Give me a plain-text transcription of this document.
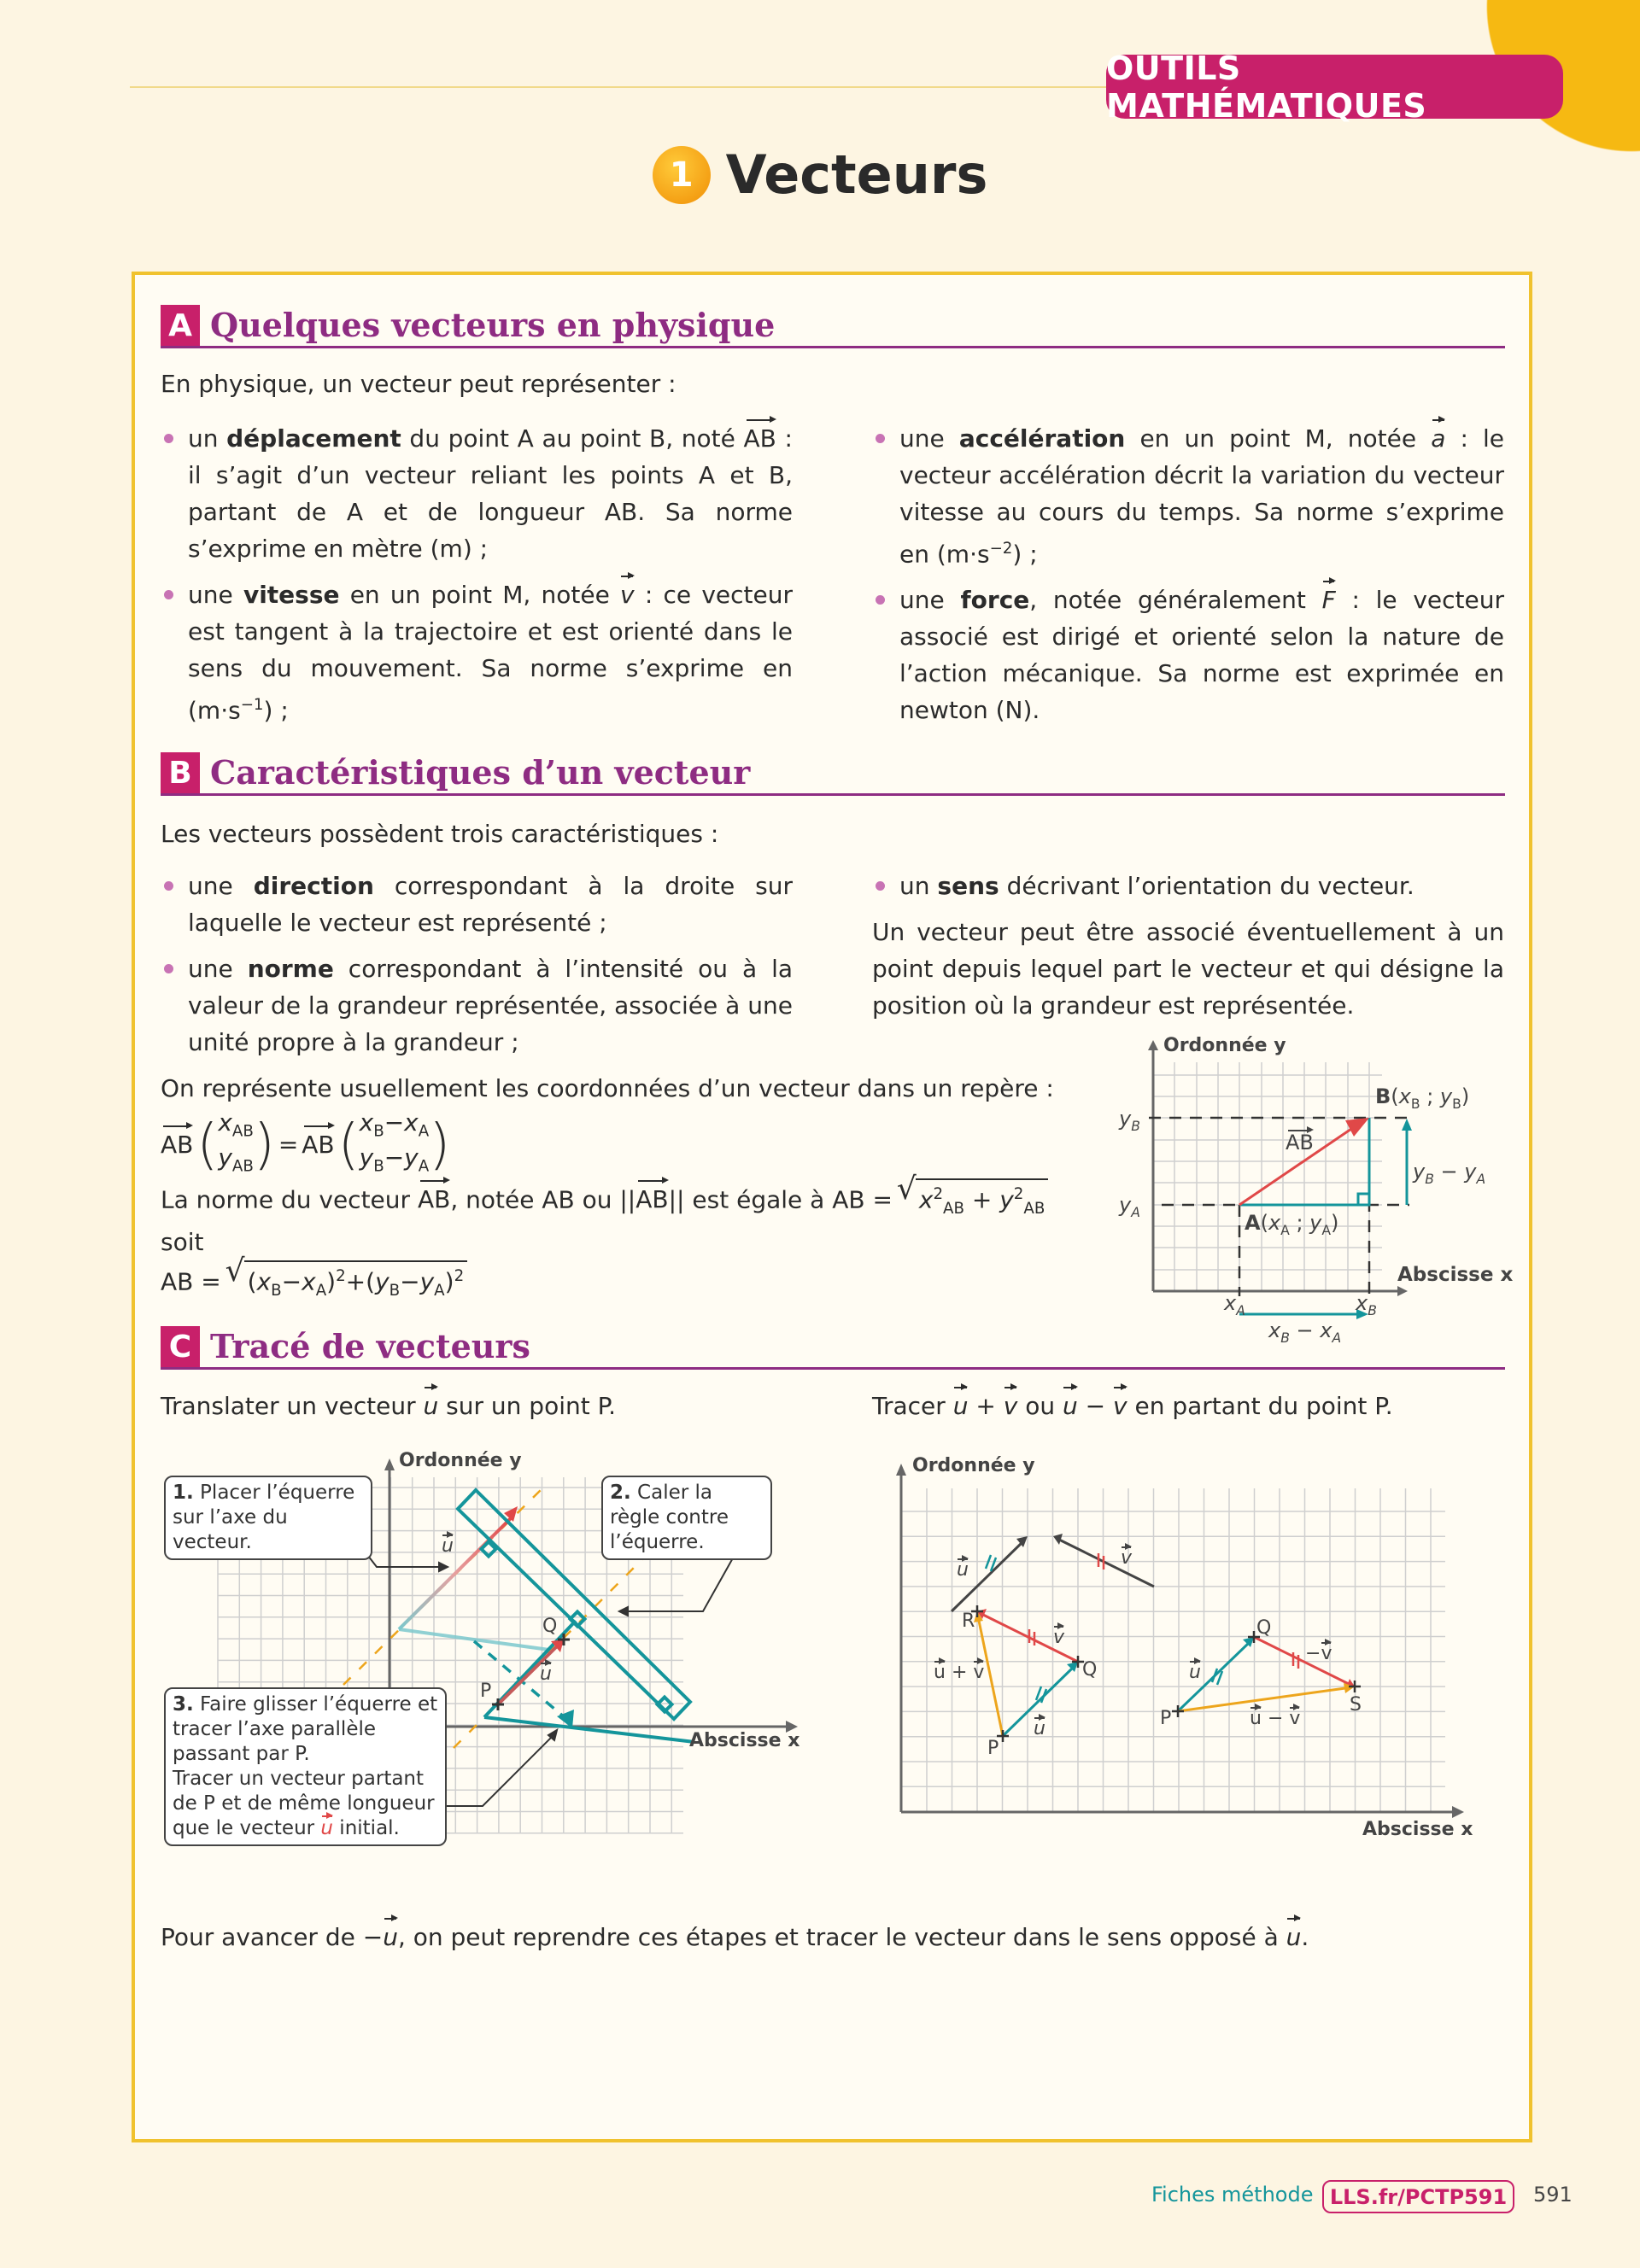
OUTILS MATHÉMATIQUES
1 Vecteurs
A Quelques vecteurs en physique
En physique, un vecteur peut représenter :
un déplacement du point A au point B, noté AB : il s’agit d’un vecteur reliant les points A et B, partant de A et de longueur AB. Sa norme s’exprime en mètre (m) ;
une vitesse en un point M, notée v : ce vecteur est tangent à la trajectoire et est orienté dans le sens du mouvement. Sa norme s’exprime en $(m\cdot s^{-1})$ ;
une accélération en un point M, notée a : le vecteur accélération décrit la variation du vecteur vitesse au cours du temps. Sa norme s’exprime en $(m\cdot s^{-2})$ ;
une force, notée généralement F : le vecteur associé est dirigé et orienté selon la nature de l’action mécanique. Sa norme est exprimée en newton (N).
B Caractéristiques d’un vecteur
Les vecteurs possèdent trois caractéristiques :
une direction correspondant à la droite sur laquelle le vecteur est représenté ;
une norme correspondant à l’intensité ou à la valeur de la grandeur représentée, associée à une unité propre à la grandeur ;
un sens décrivant l’orientation du vecteur.
Un vecteur peut être associé éventuellement à un point depuis lequel part le vecteur et qui désigne la position où la grandeur est représentée.
On représente usuellement les coordonnées d’un vecteur dans un repère :
AB ( $x_{AB}$
$y_{AB}$ ) = AB ( $x_B-x_A$
$y_B-y_A$ )
La norme du vecteur AB, notée AB ou ||AB|| est égale à AB = √ $x^2_{AB} + y^2_{AB}$ soit
AB = √ $(x_B-x_A)^2+(y_B-y_A)^2$
Ordonnée y
$y_B$
$y_A$
$B(x_B$ ; $y_B$)
AB
$y_B - y_A$
$A(x_A$ ; $y_A$)
Abscisse x
$x_A$	$x_B$
$x_B - x_A$
C Tracé de vecteurs
Translater un vecteur u sur un point P.	Tracer u + v ou u − v en partant du point P.
Ordonnée y
Abscisse x
u
u
Q
P
1. Placer l’équerre sur l’axe du vecteur.
2. Caler la règle contre l’équerre.
3. Faire glisser l’équerre et tracer l’axe parallèle passant par P.
Tracer un vecteur partant de P et de même longueur que le vecteur u initial.
Ordonnée y
Abscisse x
u
v
R
v
Q
u + v
u
P
Q
u
−v
S
P	u − v
Pour avancer de −u, on peut reprendre ces étapes et tracer le vecteur dans le sens opposé à u.
Fiches méthode LLS.fr/PCTP591	591
